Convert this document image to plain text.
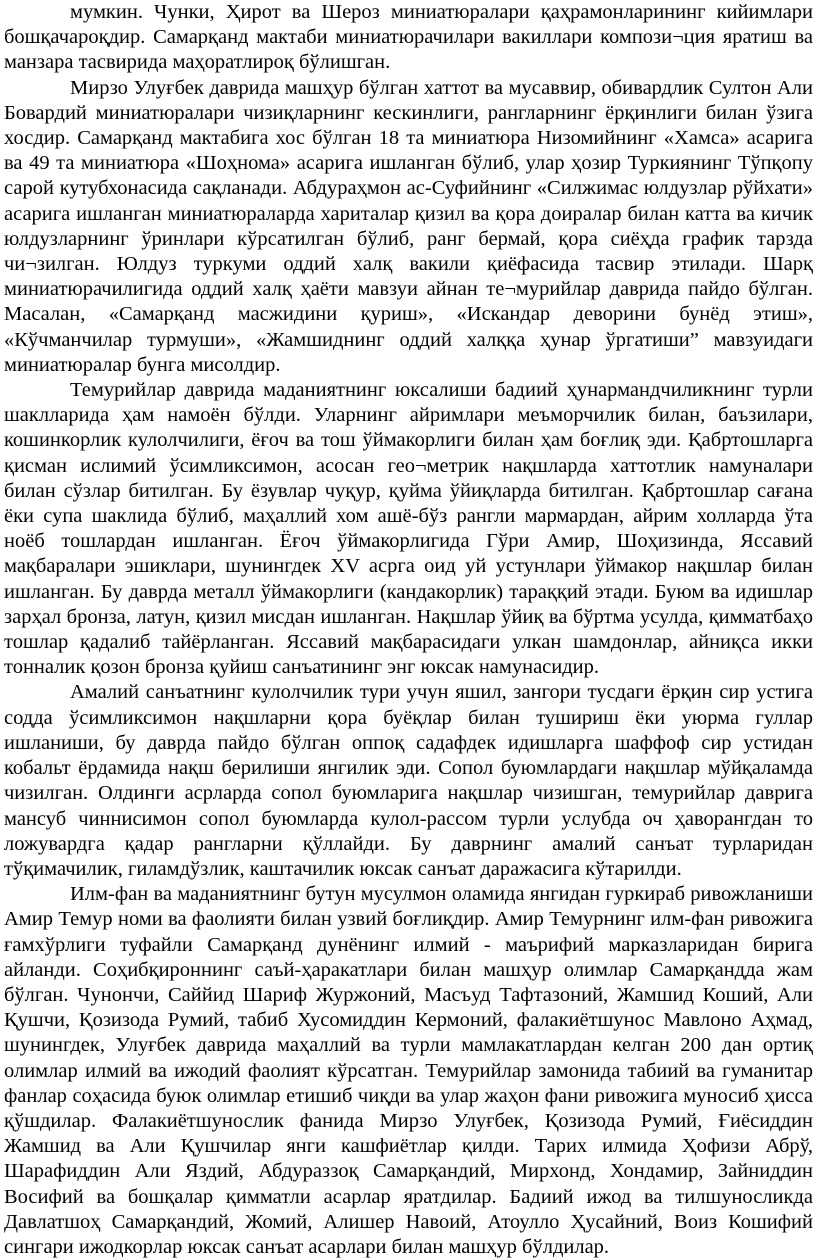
мумкин. Чунки, Ҳирот ва Шероз миниатюралари қаҳрамонларининг кийимлари бошқачароқдир. Самарқанд мактаби миниатюрачилари вакиллари компози¬ция яратиш ва манзара тасвирида маҳоратлироқ бўлишган.

Мирзо Улуғбек даврида машҳур бўлган хаттот ва мусаввир, обивардлик Султон Али Бовардий миниатюралари чизиқларнинг кескинлиги, рангларнинг ёрқинлиги билан ўзига хосдир. Самарқанд мактабига хос бўлган 18 та миниатюра Низомийнинг «Хамса» асарига ва 49 та миниатюра «Шоҳнома» асарига ишланган бўлиб, улар ҳозир Туркиянинг Тўпқопу сарой кутубхонасида сақланади. Абдураҳмон ас-Суфийнинг «Силжимас юлдузлар рўйхати» асарига ишланган миниатюраларда хариталар қизил ва қора доиралар билан катта ва кичик юлдузларнинг ўринлари кўрсатилган бўлиб, ранг бермай, қора сиёҳда график тарзда чи¬зилган. Юлдуз туркуми оддий халқ вакили қиёфасида тасвир этилади. Шарқ миниатюрачилигида оддий халқ ҳаёти мавзуи айнан те¬мурийлар даврида пайдо бўлган. Масалан, «Самарқанд масжидини қуриш», «Искандар деворини бунёд этиш», «Кўчманчилар турмуши», «Жамшиднинг оддий халққа ҳунар ўргатиши” мавзуидаги миниатюралар бунга мисолдир.

Темурийлар даврида маданиятнинг юксалиши бадиий ҳунармандчиликнинг турли шаклларида ҳам намоён бўлди. Уларнинг айримлари меъморчилик билан, баъзилари, кошинкорлик кулолчилиги, ёғоч ва тош ўймакорлиги билан ҳам боғлиқ эди. Қабртошларга қисман ислимий ўсимликсимон, асосан гео¬метрик нақшларда хаттотлик намуналари билан сўзлар битилган. Бу ёзувлар чуқур, қуйма ўйиқларда битилган. Қабртошлар сағана ёки супа шаклида бўлиб, маҳаллий хом ашё-бўз рангли мармардан, айрим холларда ўта ноёб тошлардан ишланган. Ёғоч ўймакорлигида Гўри Амир, Шоҳизинда, Яссавий мақбаралари эшиклари, шунингдек XV асрга оид уй устунлари ўймакор нақшлар билан ишланган. Бу даврда металл ўймакорлиги (кандакорлик) тараққий этади. Буюм ва идишлар зарҳал бронза, латун, қизил мисдан ишланган. Нақшлар ўйиқ ва бўртма усулда, қимматбаҳо тошлар қадалиб тайёрланган. Яссавий мақбарасидаги улкан шамдонлар, айниқса икки тонналик қозон бронза қуйиш санъатининг энг юксак намунасидир.

Амалий санъатнинг кулолчилик тури учун яшил, зангори тусдаги ёрқин сир устига содда ўсимликсимон нақшларни қора буёқлар билан тушириш ёки уюрма гуллар ишланиши, бу даврда пайдо бўлган оппоқ садафдек идишларга шаффоф сир устидан кобальт ёрдамида нақш берилиши янгилик эди. Сопол буюмлардаги нақшлар мўйқаламда чизилган. Олдинги асрларда сопол буюмларига нақшлар чизишган, темурийлар даврига мансуб чиннисимон сопол буюмларда кулол-рассом турли услубда оч ҳаворангдан то ложувардга қадар рангларни қўллайди. Бу даврнинг амалий санъат турларидан тўқимачилик, гиламдўзлик, каштачилик юксак санъат даражасига кўтарилди.

Илм-фан ва маданиятнинг бутун мусулмон оламида янгидан гуркираб ривожланиши Амир Темур номи ва фаолияти билан узвий боғлиқдир. Амир Темурнинг илм-фан ривожига ғамхўрлиги туфайли Самарқанд дунёнинг илмий - маърифий марказларидан бирига айланди. Соҳибқироннинг саъй-ҳаракатлари билан машҳур олимлар Самарқандда жам бўлган. Чунончи, Саййид Шариф Журжоний, Масъуд Тафтазоний, Жамшид Коший, Али Қушчи, Қозизода Румий, табиб Хусомиддин Кермоний, фалакиётшунос Мавлоно Аҳмад, шунингдек, Улуғбек даврида маҳаллий ва турли мамлакатлардан келган 200 дан ортиқ олимлар илмий ва ижодий фаолият кўрсатган. Темурийлар замонида табиий ва гуманитар фанлар соҳасида буюк олимлар етишиб чиқди ва улар жаҳон фани ривожига муносиб ҳисса қўшдилар. Фалакиётшунослик фанида Мирзо Улуғбек, Қозизода Румий, Ғиёсиддин Жамшид ва Али Қушчилар янги кашфиётлар қилди. Тарих илмида Ҳофизи Абрў, Шарафиддин Али Яздий, Абдураззоқ Самарқандий, Мирхонд, Хондамир, Зайниддин Восифий ва бошқалар қимматли асарлар яратдилар. Бадиий ижод ва тилшуносликда Давлатшоҳ Самарқандий, Жомий, Алишер Навоий, Атоулло Ҳусайний, Воиз Кошифий сингари ижодкорлар юксак санъат асарлари билан машҳур бўлдилар.
